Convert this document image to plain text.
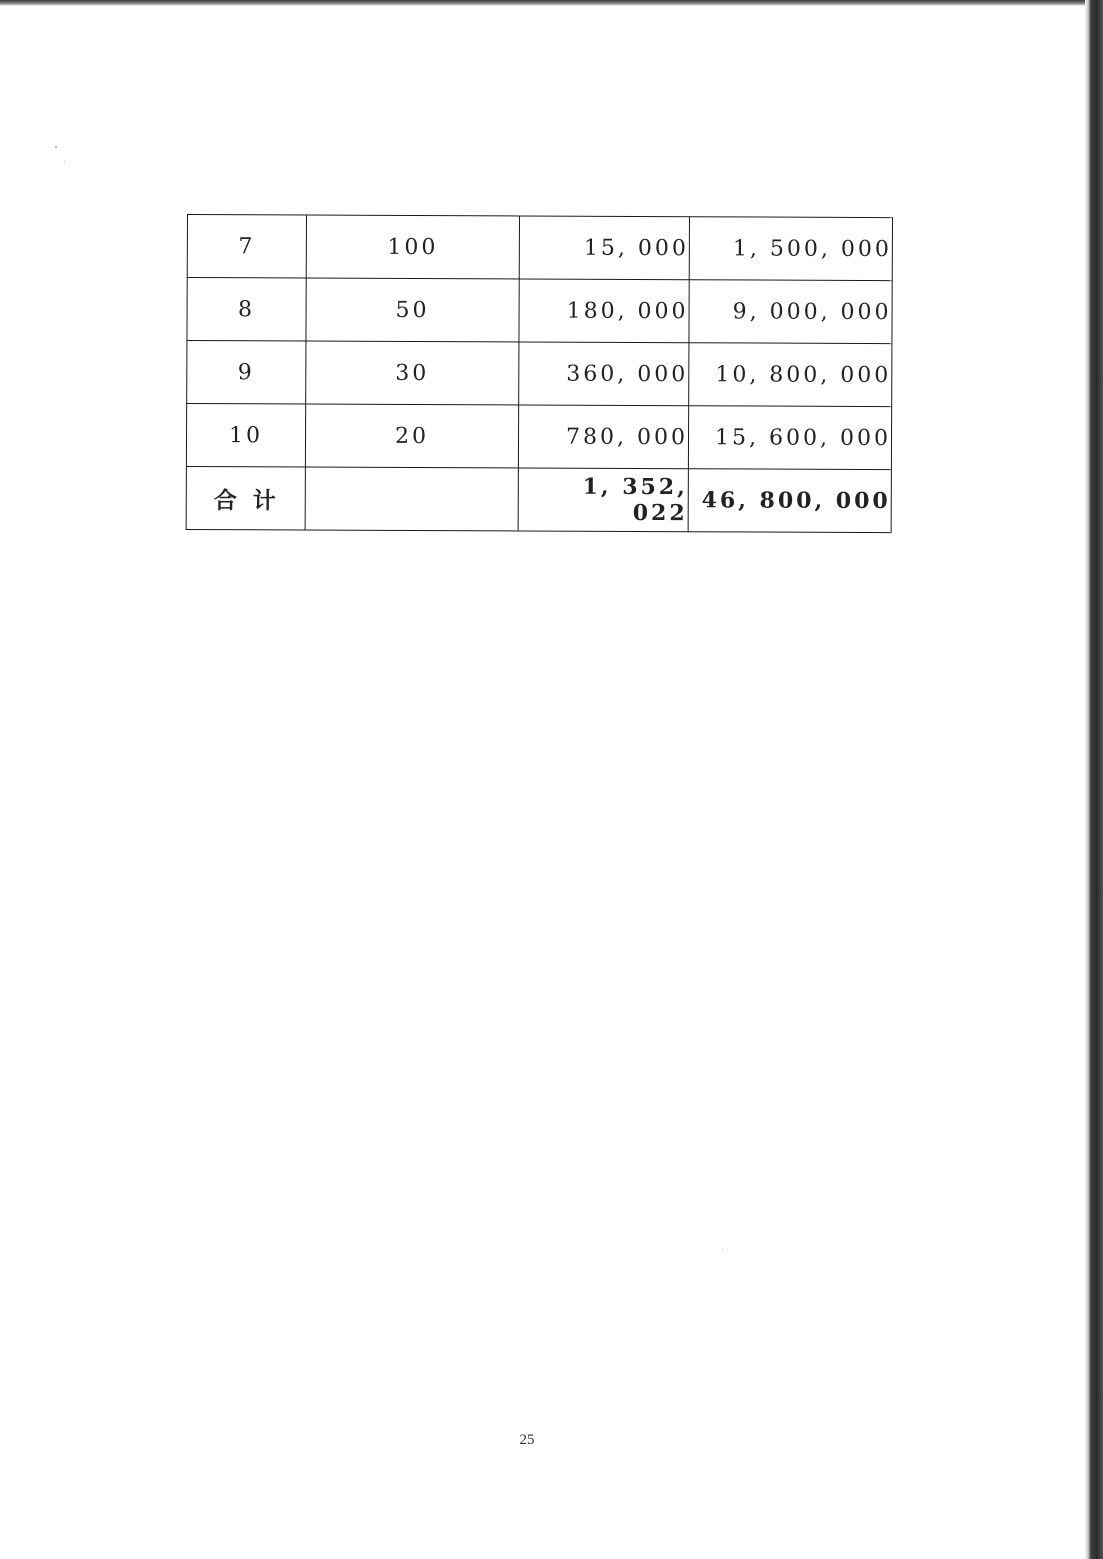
7	100	15, 000	1, 500, 000
8	50	180, 000	9, 000, 000
9	30	360, 000	10, 800, 000
10	20	780, 000	15, 600, 000
合计		1, 352, 022	46, 800, 000
25
